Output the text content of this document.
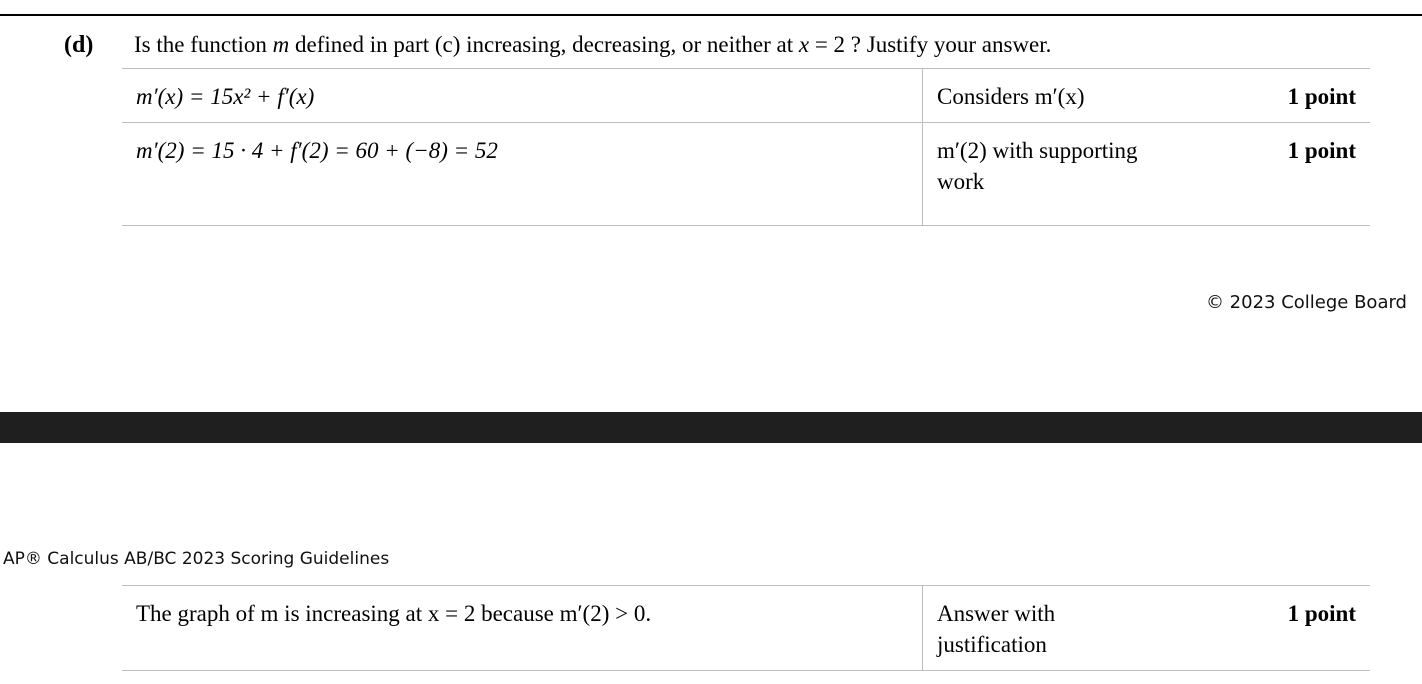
(d) Is the function m defined in part (c) increasing, decreasing, or neither at x = 2 ? Justify your answer.
m′(x) = 15x² + f′(x)	Considers m′(x)	1 point
m′(2) = 15 · 4 + f′(2) = 60 + (−8) = 52	m′(2) with supporting work	1 point
© 2023 College Board
AP® Calculus AB/BC 2023 Scoring Guidelines
The graph of m is increasing at x = 2 because m′(2) > 0.	Answer with justification	1 point
